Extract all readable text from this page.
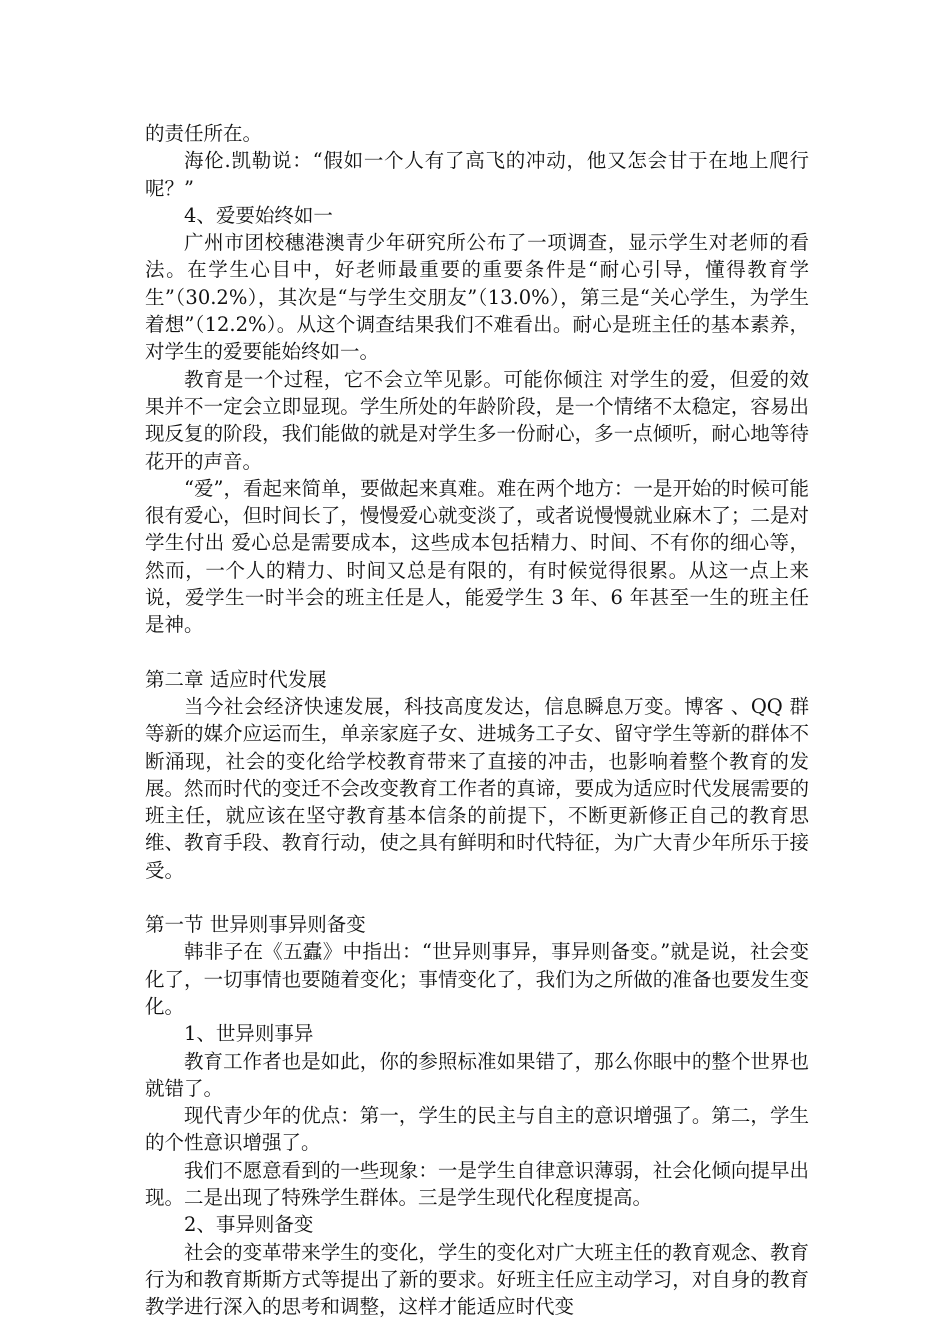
的责任所在。

海伦.凯勒说：“假如一个人有了高飞的冲动，他又怎会甘于在地上爬行呢？”

4、爱要始终如一

广州市团校穗港澳青少年研究所公布了一项调查，显示学生对老师的看法。在学生心目中，好老师最重要的重要条件是“耐心引导，懂得教育学生”（30.2%），其次是“与学生交朋友”（13.0%），第三是“关心学生，为学生着想”（12.2%）。从这个调查结果我们不难看出。耐心是班主任的基本素养，对学生的爱要能始终如一。

教育是一个过程，它不会立竿见影。可能你倾注 对学生的爱，但爱的效果并不一定会立即显现。学生所处的年龄阶段，是一个情绪不太稳定，容易出现反复的阶段，我们能做的就是对学生多一份耐心，多一点倾听，耐心地等待花开的声音。

“爱”，看起来简单，要做起来真难。难在两个地方：一是开始的时候可能很有爱心，但时间长了，慢慢爱心就变淡了，或者说慢慢就业麻木了；二是对学生付出 爱心总是需要成本，这些成本包括精力、时间、不有你的细心等，然而，一个人的精力、时间又总是有限的，有时候觉得很累。从这一点上来说，爱学生一时半会的班主任是人，能爱学生 3 年、6 年甚至一生的班主任是神。

第二章 适应时代发展

当今社会经济快速发展，科技高度发达，信息瞬息万变。博客 、QQ 群等新的媒介应运而生，单亲家庭子女、进城务工子女、留守学生等新的群体不断涌现，社会的变化给学校教育带来了直接的冲击，也影响着整个教育的发展。然而时代的变迁不会改变教育工作者的真谛，要成为适应时代发展需要的班主任，就应该在坚守教育基本信条的前提下，不断更新修正自己的教育思维、教育手段、教育行动，使之具有鲜明和时代特征，为广大青少年所乐于接受。

第一节 世异则事异则备变

韩非子在《五蠹》中指出：“世异则事异，事异则备变。”就是说，社会变化了，一切事情也要随着变化；事情变化了，我们为之所做的准备也要发生变化。

1、世异则事异

教育工作者也是如此，你的参照标准如果错了，那么你眼中的整个世界也就错了。

现代青少年的优点：第一，学生的民主与自主的意识增强了。第二，学生的个性意识增强了。

我们不愿意看到的一些现象：一是学生自律意识薄弱，社会化倾向提早出现。二是出现了特殊学生群体。三是学生现代化程度提高。

2、事异则备变

社会的变革带来学生的变化，学生的变化对广大班主任的教育观念、教育行为和教育斯斯方式等提出了新的要求。好班主任应主动学习，对自身的教育教学进行深入的思考和调整，这样才能适应时代变
